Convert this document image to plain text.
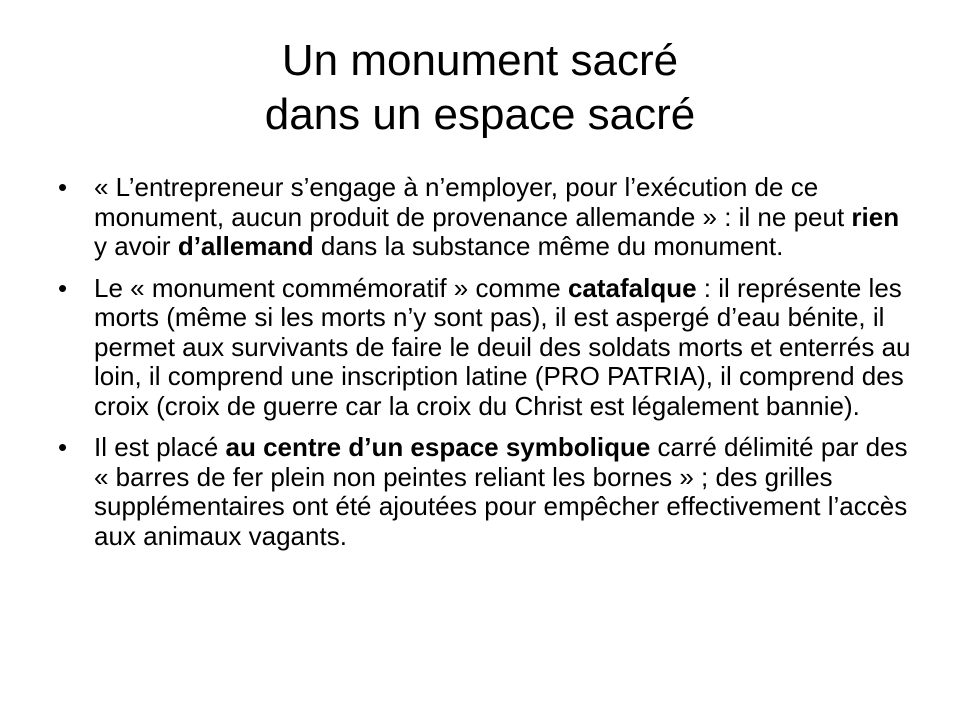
Un monument sacré
dans un espace sacré
• « L’entrepreneur s’engage à n’employer, pour l’exécution de ce monument, aucun produit de provenance allemande » : il ne peut rien y avoir d’allemand dans la substance même du monument.
• Le « monument commémoratif » comme catafalque : il représente les morts (même si les morts n’y sont pas), il est aspergé d’eau bénite, il permet aux survivants de faire le deuil des soldats morts et enterrés au loin, il comprend une inscription latine (PRO PATRIA), il comprend des croix (croix de guerre car la croix du Christ est légalement bannie).
• Il est placé au centre d’un espace symbolique carré délimité par des « barres de fer plein non peintes reliant les bornes » ; des grilles supplémentaires ont été ajoutées pour empêcher effectivement l’accès aux animaux vagants.
